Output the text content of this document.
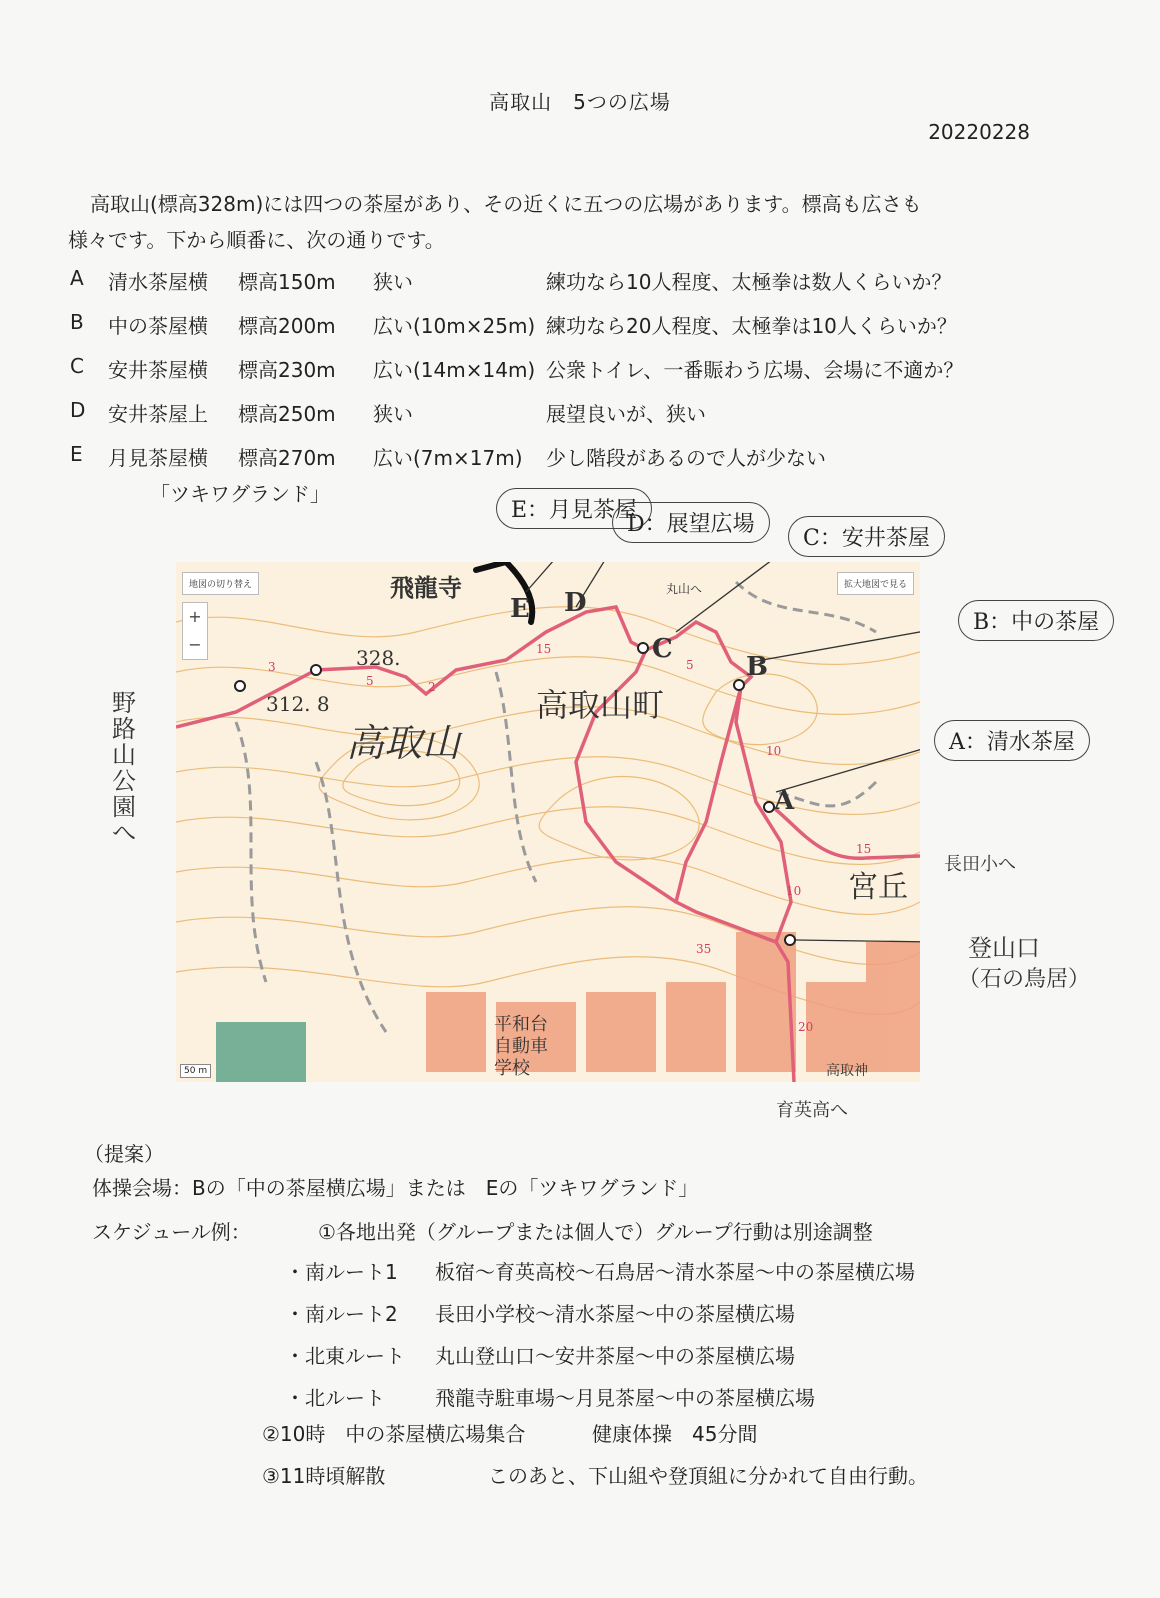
高取山　5つの広場
20220228
高取山(標高328m)には四つの茶屋があり、その近くに五つの広場があります。標高も広さも
様々です。下から順番に、次の通りです。
A 清水茶屋横 標高150m 狭い	練功なら10人程度、太極拳は数人くらいか？
B 中の茶屋横 標高200m 広い(10m×25m) 練功なら20人程度、太極拳は10人くらいか？
C 安井茶屋横 標高230m 広い(14m×14m) 公衆トイレ、一番賑わう広場、会場に不適か？
D 安井茶屋上 標高250m 狭い	展望良いが、狭い
E 月見茶屋横 標高270m 広い(7m×17m) 少し階段があるので人が少ない
「ツキワグランド」
地図の切り替え	拡大地図で見る
+
−
50 m
高取山
高取山町
宮丘
328.
312. 8
飛龍寺
平和台 自動車学校	高取神
A
B
C
D
E
15
5	2
3	5
10
15
10
20
35
E：月見茶屋
D：展望広場
C：安井茶屋
B：中の茶屋
A：清水茶屋
野路山公園へ
丸山へ
長田小へ
登山口
（石の鳥居）
育英高へ
（提案）
体操会場：Bの「中の茶屋横広場」または　Eの「ツキワグランド」
スケジュール例：	①各地出発（グループまたは個人で）グループ行動は別途調整
・南ルート1 板宿～育英高校～石鳥居～清水茶屋～中の茶屋横広場
・南ルート2 長田小学校～清水茶屋～中の茶屋横広場
・北東ルート 丸山登山口～安井茶屋～中の茶屋横広場
・北ルート	飛龍寺駐車場～月見茶屋～中の茶屋横広場
②10時　中の茶屋横広場集合	健康体操　45分間
③11時頃解散	このあと、下山組や登頂組に分かれて自由行動。
